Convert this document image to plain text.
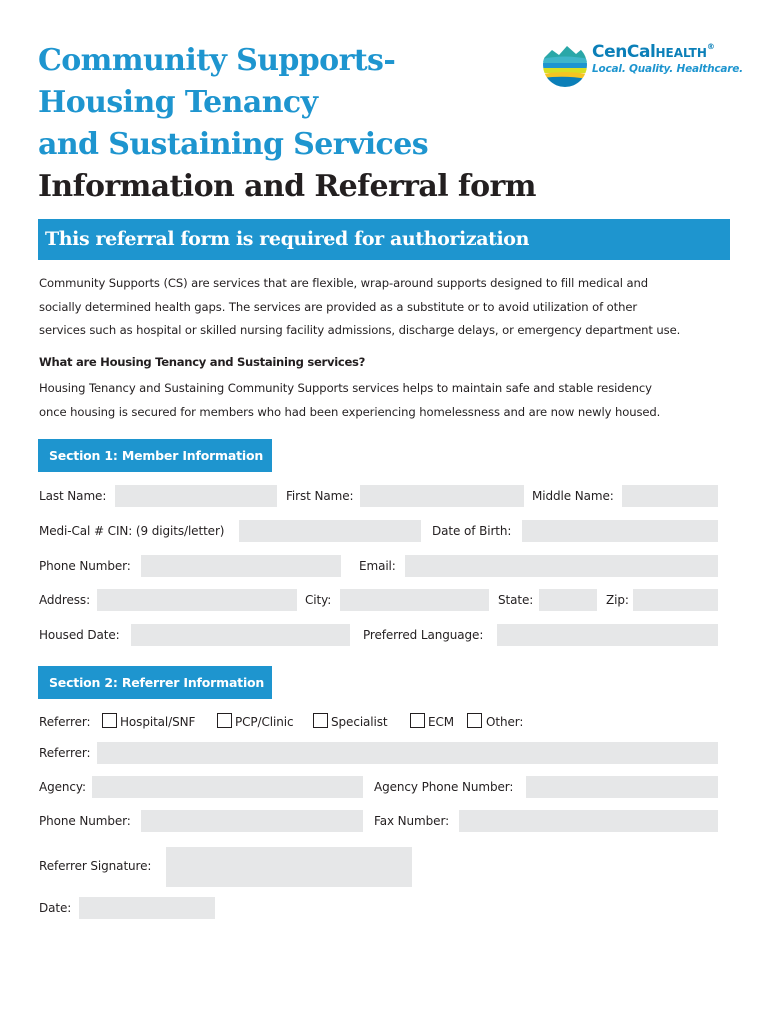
Community Supports-
Housing Tenancy
and Sustaining Services
Information and Referral form
CenCalHEALTH®
Local. Quality. Healthcare.
This referral form is required for authorization
Community Supports (CS) are services that are flexible, wrap-around supports designed to fill medical and
socially determined health gaps. The services are provided as a substitute or to avoid utilization of other
services such as hospital or skilled nursing facility admissions, discharge delays, or emergency department use.
What are Housing Tenancy and Sustaining services?
Housing Tenancy and Sustaining Community Supports services helps to maintain safe and stable residency
once housing is secured for members who had been experiencing homelessness and are now newly housed.
Section 1: Member Information
Last Name:	First Name:	Middle Name:
Medi-Cal # CIN: (9 digits/letter)	Date of Birth:
Phone Number:	Email:
Address:	City:	State:	Zip:
Housed Date:	Preferred Language:
Section 2: Referrer Information
Referrer: Hospital/SNF	PCP/Clinic	Specialist	ECM	Other:
Referrer:
Agency:	Agency Phone Number:
Phone Number:	Fax Number:
Referrer Signature:
Date:
